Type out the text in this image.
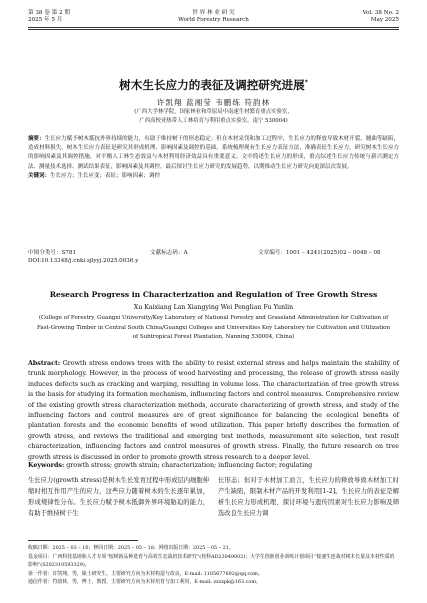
第 38 卷 第 2 期
2025 年 5 月
世 界 林 业 研 究
World Forestry Research
Vol. 38 No. 2
May 2025
树木生长应力的表征及调控研究进展*
许凯翔 蓝湘莹 韦鹏练 符韵林
(广西大学林学院，国家林业和草原局中南速生材繁育重点实验室，
广西高校亚热带人工林培育与利用重点实验室，南宁 530004)
摘要：生长应力赋予树木抵抗外界持续的能力，有助于维持树干的形态稳定；但在木材采伐和加工过程中，生长应力的释放导致木材开裂、翘曲等缺陷，造成材料损失。树木生长应力表征是研究其形成机理、影响因素及调控的基础。系统梳理现有生长应力表征方法，准确表征生长应力，研究树木生长应力的影响因素及其调控措施，对平衡人工林生态效益与木材利用经济效益具有重要意义。文中简述生长应力的形成，重点综述生长应力传统与新兴测定方法、测量技术选择、测试结果表征，影响因素及其调控，最后探讨生长应力研究的发展趋势，以期推动生长应力研究向更深层次发展。
关键词：生长应力；生长应变；表征；影响因素；调控
中图分类号：S781	文献标志码：A	文章编号：1001 – 4241(2025)02 – 0048 – 08
DOI:10.13348/j.cnki.sjlyyj.2025.0036.y
Research Progress in Characterization and Regulation of Tree Growth Stress
Xu Kaixiang Lan Xiangying Wei Penglian Fu Yunlin
(College of Forestry, Guangxi University/Key Laboratory of National Forestry and Grassland Administration for Cultivation of Fast-Growing Timber in Central South China/Guangxi Colleges and Universities Key Laboratory for Cultivation and Utilization of Subtropical Forest Plantation, Nanning 530004, China)
Abstract: Growth stress endows trees with the ability to resist external stress and helps maintain the stability of trunk morphology. However, in the process of wood harvesting and processing, the release of growth stress easily induces defects such as cracking and warping, resulting in volume loss. The characterization of tree growth stress is the basis for studying its formation mechanism, influencing factors and control measures. Comprehensive review of the existing growth stress characterization methods, accurate characterizing of growth stress, and study of the influencing factors and control measures are of great significance for balancing the ecological benefits of plantation forests and the economic benefits of wood utilization. This paper briefly describes the formation of growth stress, and reviews the traditional and emerging test methods, measurement site selection, test result characterization, influencing factors and control measures of growth stress. Finally, the future research on tree growth stress is discussed in order to promote growth stress research to a deeper level.
Keywords: growth stress; growth strain; characterization; influencing factor; regulating
生长应力(growth stress)是树木生长发育过程中形成层内细胞伸缩时相互作用产生的应力，这些应力随着树木的生长逐年累加，形成规律性分布。生长应力赋予树木抵御外界环境胁迫的能力，有助于维持树干生
长形态；但对于木材加工而言，生长应力的释放导致木材加工时产生缺陷，限制木材产品的开发利用[1-2]。生长应力的表征是解析生长应力形成机理、探讨环境与遗传因素对生长应力影响及筛选改良生长应力调
收稿日期：2025 – 03 – 10；修回日期：2025 – 05 – 18；网络出版日期：2025 – 05 – 21。
基金项目：广西科技基地和人才专项“桉树新品种选育与高效生态栽培技术研究”(桂科AD23049002)；大学生创新创业训练计划项目“桉速生连栽对树木长量及木材性质的影响”(S202310593329)。
第一作者：许凯翔，男，硕士研究生，主要研究方向为木材构造与改良，E-mail: 1105677692@qq.com。
通信作者：符韵林，男，博士，教授，主要研究方向为木材培育与加工利用，E-mail: zzzzpk@163.com。
